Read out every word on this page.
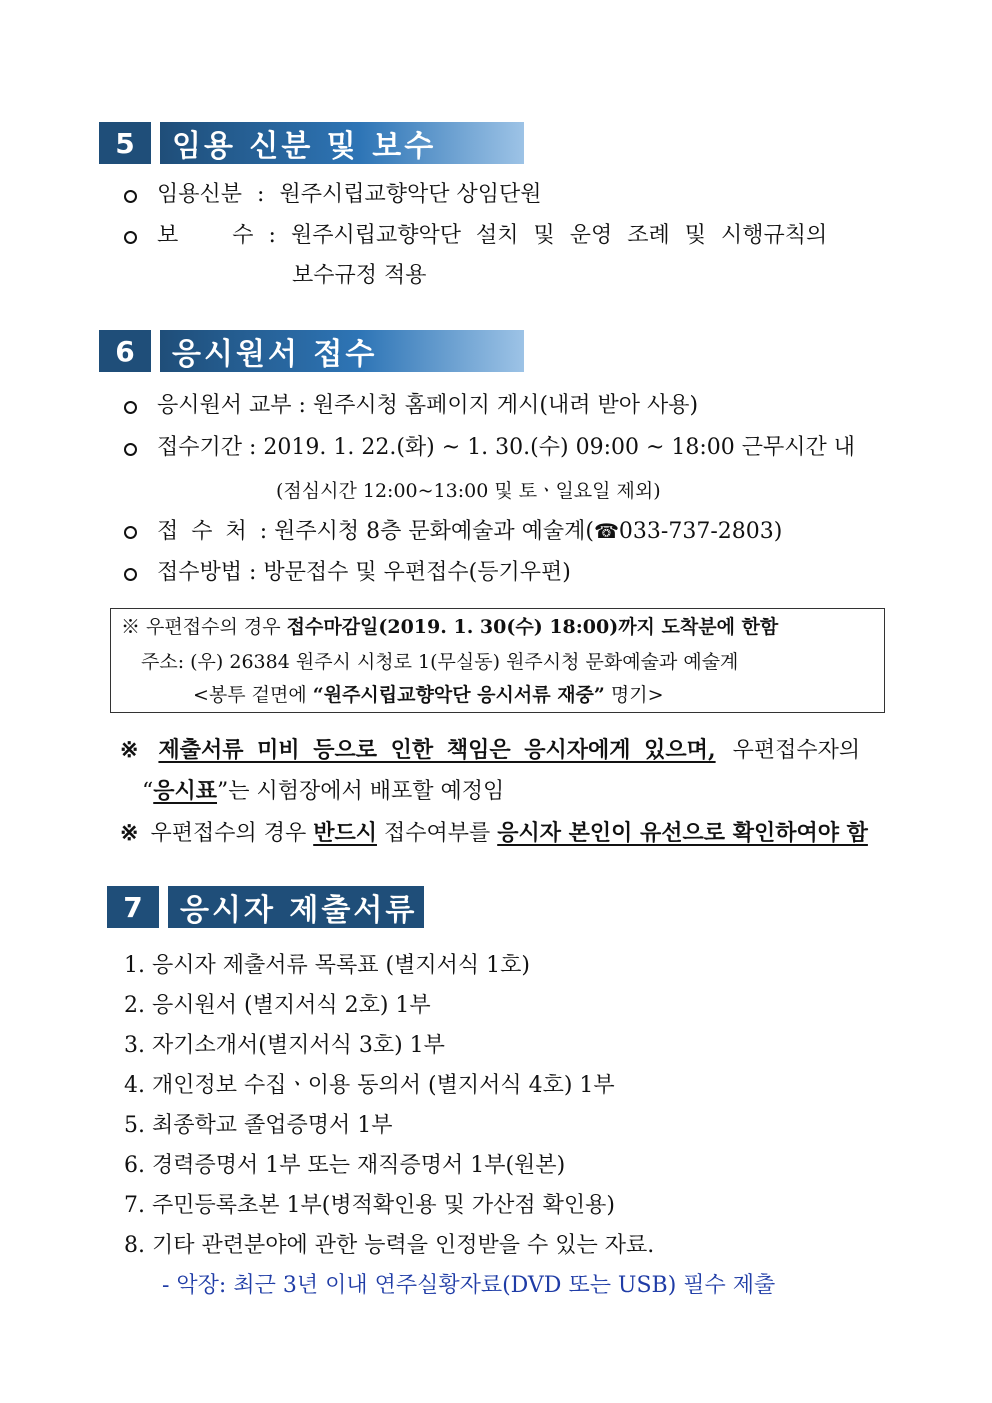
5	임용 신분 및 보수
임용신분 : 원주시립교향악단 상임단원
보 수 : 원주시립교향악단 설치 및 운영 조례 및 시행규칙의
보수규정 적용
6	응시원서 접수
응시원서 교부 : 원주시청 홈페이지 게시(내려 받아 사용)
접수기간 : 2019. 1. 22.(화) ~ 1. 30.(수) 09:00 ~ 18:00 근무시간 내
(점심시간 12:00~13:00 및 토ㆍ일요일 제외)
접 수 처 : 원주시청 8층 문화예술과 예술계(☎033-737-2803)
접수방법 : 방문접수 및 우편접수(등기우편)
※ 우편접수의 경우 접수마감일(2019. 1. 30(수) 18:00)까지 도착분에 한함
주소: (우) 26384 원주시 시청로 1(무실동) 원주시청 문화예술과 예술계
<봉투 겉면에 “원주시립교향악단 응시서류 재중” 명기>
※ 제출서류 미비 등으로 인한 책임은 응시자에게 있으며, 우편접수자의
“응시표”는 시험장에서 배포할 예정임
※ 우편접수의 경우 반드시 접수여부를 응시자 본인이 유선으로 확인하여야 함
7	응시자 제출서류
1. 응시자 제출서류 목록표 (별지서식 1호)
2. 응시원서 (별지서식 2호) 1부
3. 자기소개서(별지서식 3호) 1부
4. 개인정보 수집ㆍ이용 동의서 (별지서식 4호) 1부
5. 최종학교 졸업증명서 1부
6. 경력증명서 1부 또는 재직증명서 1부(원본)
7. 주민등록초본 1부(병적확인용 및 가산점 확인용)
8. 기타 관련분야에 관한 능력을 인정받을 수 있는 자료.
- 악장: 최근 3년 이내 연주실황자료(DVD 또는 USB) 필수 제출
